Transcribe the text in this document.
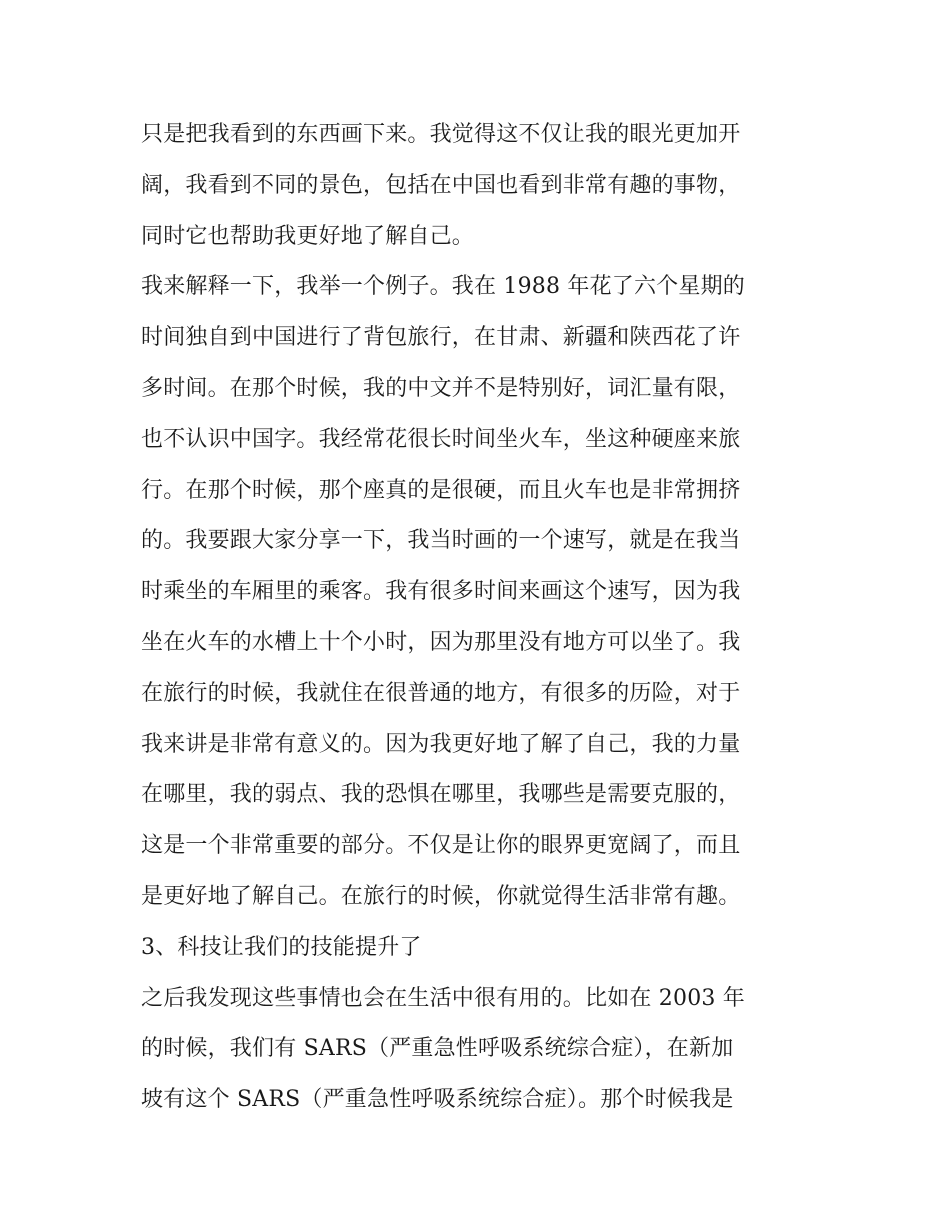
只是把我看到的东西画下来。我觉得这不仅让我的眼光更加开
阔，我看到不同的景色，包括在中国也看到非常有趣的事物，
同时它也帮助我更好地了解自己。
我来解释一下，我举一个例子。我在 1988 年花了六个星期的
时间独自到中国进行了背包旅行，在甘肃、新疆和陕西花了许
多时间。在那个时候，我的中文并不是特别好，词汇量有限，
也不认识中国字。我经常花很长时间坐火车，坐这种硬座来旅
行。在那个时候，那个座真的是很硬，而且火车也是非常拥挤
的。我要跟大家分享一下，我当时画的一个速写，就是在我当
时乘坐的车厢里的乘客。我有很多时间来画这个速写，因为我
坐在火车的水槽上十个小时，因为那里没有地方可以坐了。我
在旅行的时候，我就住在很普通的地方，有很多的历险，对于
我来讲是非常有意义的。因为我更好地了解了自己，我的力量
在哪里，我的弱点、我的恐惧在哪里，我哪些是需要克服的，
这是一个非常重要的部分。不仅是让你的眼界更宽阔了，而且
是更好地了解自己。在旅行的时候，你就觉得生活非常有趣。
3、科技让我们的技能提升了
之后我发现这些事情也会在生活中很有用的。比如在 2003 年
的时候，我们有 SARS（严重急性呼吸系统综合症），在新加
坡有这个 SARS（严重急性呼吸系统综合症）。那个时候我是
